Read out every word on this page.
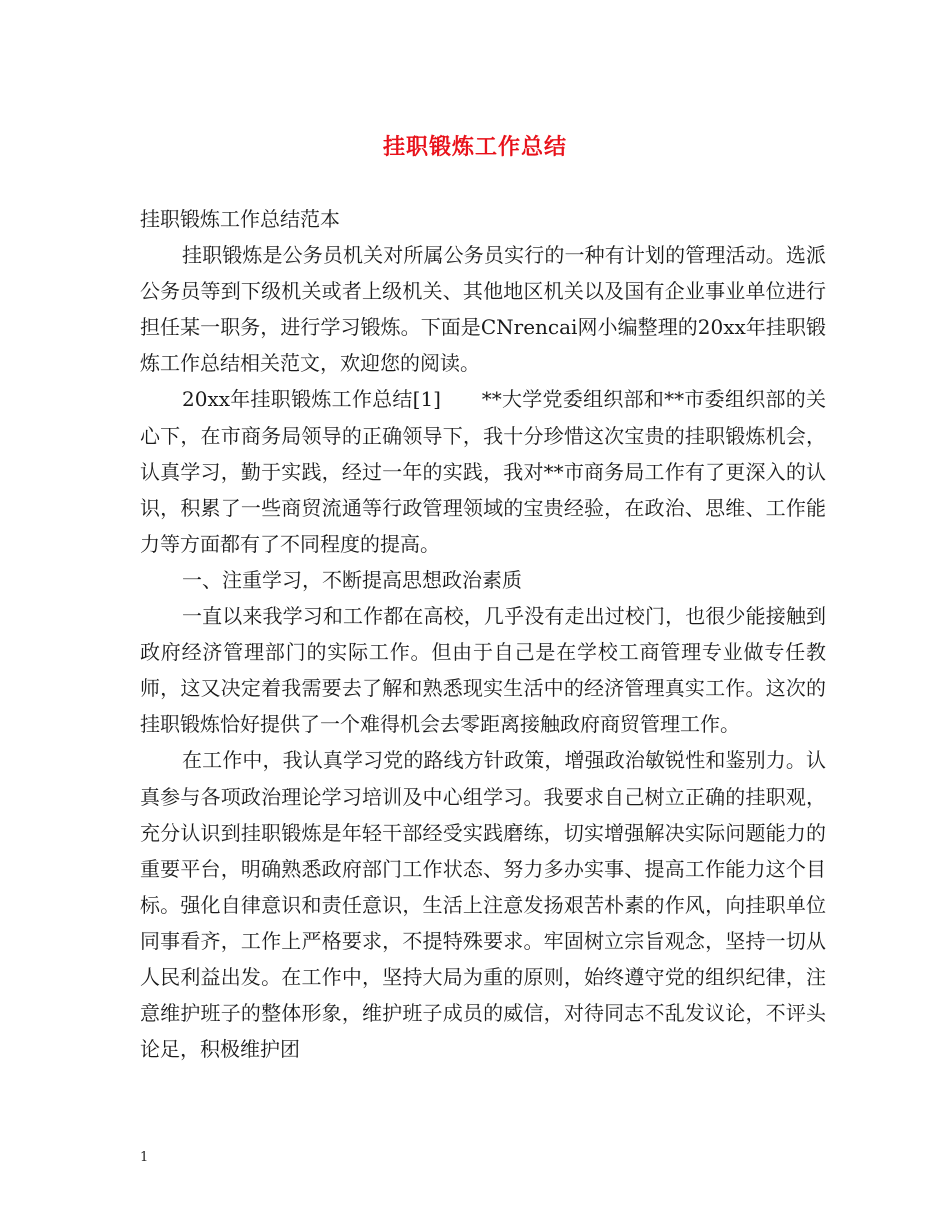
挂职锻炼工作总结

挂职锻炼工作总结范本

挂职锻炼是公务员机关对所属公务员实行的一种有计划的管理活动。选派公务员等到下级机关或者上级机关、其他地区机关以及国有企业事业单位进行担任某一职务，进行学习锻炼。下面是CNrencai网小编整理的20xx年挂职锻炼工作总结相关范文，欢迎您的阅读。

20xx年挂职锻炼工作总结[1]　　**大学党委组织部和**市委组织部的关心下，在市商务局领导的正确领导下，我十分珍惜这次宝贵的挂职锻炼机会，认真学习，勤于实践，经过一年的实践，我对**市商务局工作有了更深入的认识，积累了一些商贸流通等行政管理领域的宝贵经验，在政治、思维、工作能力等方面都有了不同程度的提高。

一、注重学习，不断提高思想政治素质

一直以来我学习和工作都在高校，几乎没有走出过校门，也很少能接触到政府经济管理部门的实际工作。但由于自己是在学校工商管理专业做专任教师，这又决定着我需要去了解和熟悉现实生活中的经济管理真实工作。这次的挂职锻炼恰好提供了一个难得机会去零距离接触政府商贸管理工作。

在工作中，我认真学习党的路线方针政策，增强政治敏锐性和鉴别力。认真参与各项政治理论学习培训及中心组学习。我要求自己树立正确的挂职观，充分认识到挂职锻炼是年轻干部经受实践磨练，切实增强解决实际问题能力的重要平台，明确熟悉政府部门工作状态、努力多办实事、提高工作能力这个目标。强化自律意识和责任意识，生活上注意发扬艰苦朴素的作风，向挂职单位同事看齐，工作上严格要求，不提特殊要求。牢固树立宗旨观念，坚持一切从人民利益出发。在工作中，坚持大局为重的原则，始终遵守党的组织纪律，注意维护班子的整体形象，维护班子成员的威信，对待同志不乱发议论，不评头论足，积极维护团

1
